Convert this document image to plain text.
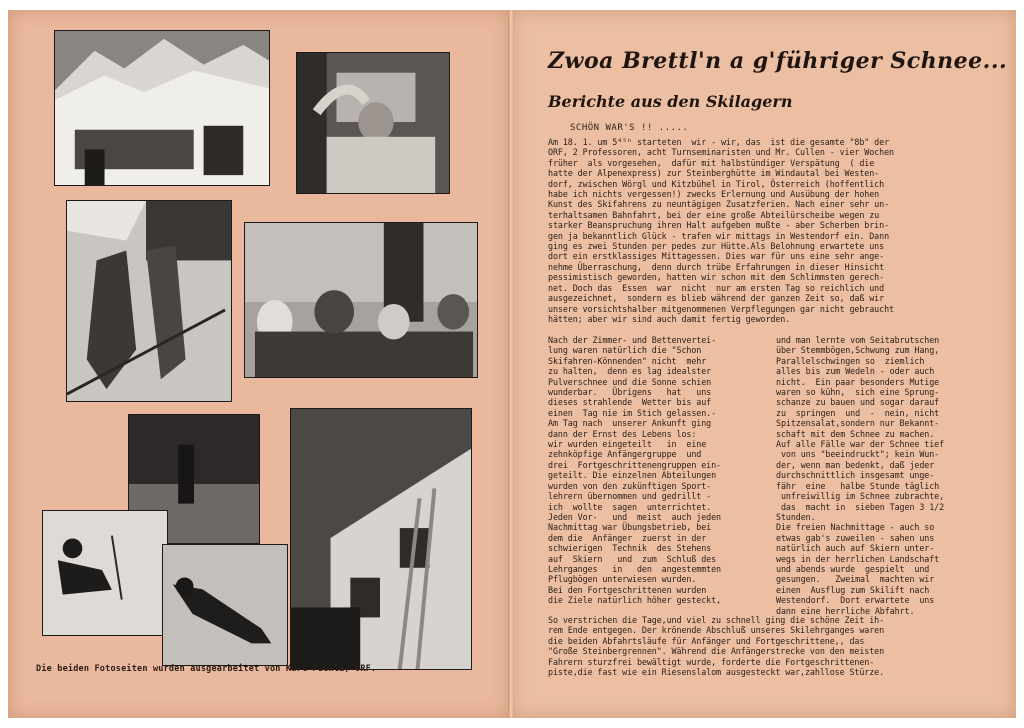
Die beiden Fotoseiten wurden ausgearbeitet von Kurt Pachla, ORF.
Zwoa Brettl'n a g'führiger Schnee...
Berichte aus den Skilagern
SCHÖN WAR'S !! .....
Am 18. 1. um 5⁴⁵ʰ starteten  wir - wir, das  ist die gesamte "8b" der
ORF, 2 Professoren, acht Turnseminaristen und Mr. Cullen - vier Wochen
früher  als vorgesehen,  dafür mit halbstündiger Verspätung  ( die
hatte der Alpenexpress) zur Steinberghütte im Windautal bei Westen-
dorf, zwischen Wörgl und Kitzbühel in Tirol, Österreich (hoffentlich
habe ich nichts vergessen!) zwecks Erlernung und Ausübung der hohen
Kunst des Skifahrens zu neuntägigen Zusatzferien. Nach einer sehr un-
terhaltsamen Bahnfahrt, bei der eine große Abteilürscheibe wegen zu
starker Beanspruchung ihren Halt aufgeben mußte - aber Scherben brin-
gen ja bekanntlich Glück - trafen wir mittags in Westendorf ein. Dann
ging es zwei Stunden per pedes zur Hütte.Als Belohnung erwartete uns
dort ein erstklassiges Mittagessen. Dies war für uns eine sehr ange-
nehme Überraschung,  denn durch trübe Erfahrungen in dieser Hinsicht
pessimistisch geworden, hatten wir schon mit dem Schlimmsten gerech-
net. Doch das  Essen  war  nicht  nur am ersten Tag so reichlich und
ausgezeichnet,  sondern es blieb während der ganzen Zeit so, daß wir
unsere vorsichtshalber mitgenommenen Verpflegungen gar nicht gebraucht
hätten; aber wir sind auch damit fertig geworden.
Nach der Zimmer- und Bettenvertei-
lung waren natürlich die "Schon
Skifahren-Könnenden" nicht  mehr
zu halten,  denn es lag idealster
Pulverschnee und die Sonne schien
wunderbar.   Übrigens   hat   uns
dieses strahlende  Wetter bis auf
einen  Tag nie im Stich gelassen.-
Am Tag nach  unserer Ankunft ging
dann der Ernst des Lebens los:
wir wurden eingeteilt   in  eine
zehnköpfige Anfängergruppe  und
drei  Fortgeschrittenengruppen ein-
geteilt. Die einzelnen Abteilungen
wurden von den zukünftigen Sport-
lehrern übernommen und gedrillt -
ich  wollte  sagen  unterrichtet.
Jeden Vor-   und  meist  auch jeden
Nachmittag war Übungsbetrieb, bei
dem die  Anfänger  zuerst in der
schwierigen  Technik  des Stehens
auf  Skiern   und  zum  Schluß des
Lehrganges   in   den  angestemmten
Pflugbögen unterwiesen wurden.
Bei den Fortgeschrittenen wurden
die Ziele natürlich höher gesteckt,
und man lernte vom Seitabrutschen
über Stemmbögen,Schwung zum Hang,
Parallelschwingen so  ziemlich
alles bis zum Wedeln - oder auch
nicht.  Ein paar besonders Mutige
waren so kühn,  sich eine Sprung-
schanze zu bauen und sogar darauf
zu  springen  und  -  nein, nicht
Spitzensalat,sondern nur Bekannt-
schaft mit dem Schnee zu machen.
Auf alle Fälle war der Schnee tief
von uns "beeindruckt"; kein Wun-
der, wenn man bedenkt, daß jeder
durchschnittlich insgesamt unge-
fähr  eine   halbe Stunde täglich
unfreiwillig im Schnee zubrachte,
das  macht in  sieben Tagen 3 1/2
Stunden.
Die freien Nachmittage - auch so
etwas gab's zuweilen - sahen uns
natürlich auch auf Skiern unter-
wegs in der herrlichen Landschaft
und abends wurde  gespielt  und
gesungen.   Zweimal  machten wir
einen  Ausflug zum Skilift nach
Westendorf.  Dort erwartete  uns
dann eine herrliche Abfahrt.
So verstrichen die Tage,und viel zu schnell ging die schöne Zeit ih-
rem Ende entgegen. Der krönende Abschluß unseres Skilehrganges waren
die beiden Abfahrtsläufe für Anfänger und Fortgeschrittene,, das
"Große Steinbergrennen". Während die Anfängerstrecke von den meisten
Fahrern sturzfrei bewältigt wurde, forderte die Fortgeschrittenen-
piste,die fast wie ein Riesenslalom ausgesteckt war,zahllose Stürze.
